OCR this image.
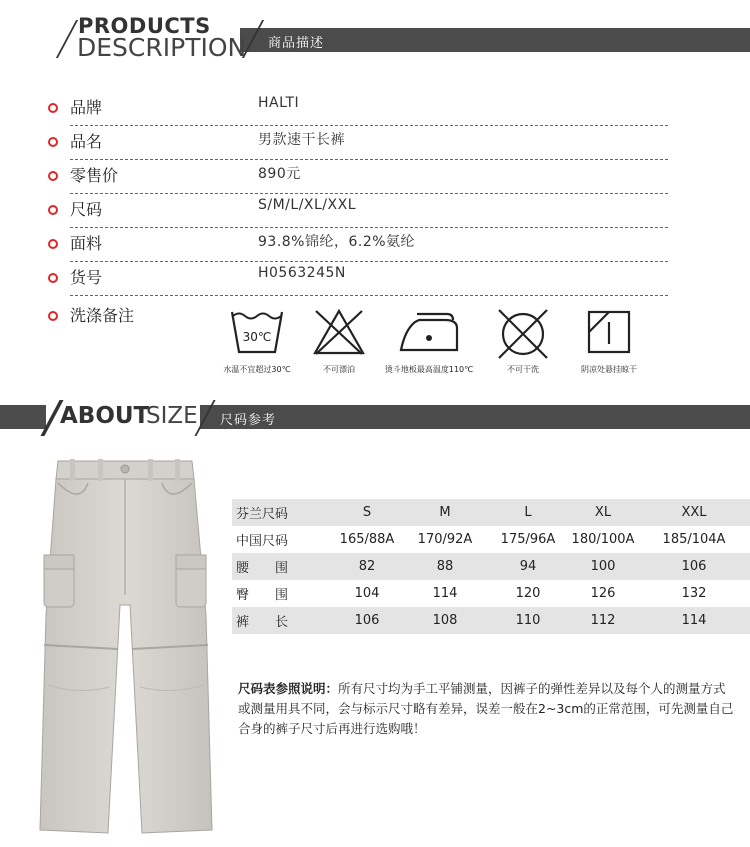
PRODUCTS
DESCRIPTION 商品描述
品牌	HALTI
品名	男款速干长裤
零售价	890元
尺码	S/M/L/XL/XXL
面料	93.8%锦纶，6.2%氨纶
货号	H0563245N
洗涤备注
30℃
水温不宜超过30℃	不可漂泊	烫斗地板最高温度110℃	不可干洗	阴凉处悬挂晾干
ABOUT
SIZE 尺码参考
芬兰尺码	S	M	L	XL	XXL
中国尺码	165/88A	170/92A	175/96A	180/100A	185/104A
腰　　围	82	88	94	100	106
臀　　围	104	114	120	126	132
裤　　长	106	108	110	112	114
尺码表参照说明：所有尺寸均为手工平铺测量，因裤子的弹性差异以及每个人的测量方式或测量用具不同，会与标示尺寸略有差异，误差一般在2~3cm的正常范围，可先测量自己合身的裤子尺寸后再进行选购哦！
